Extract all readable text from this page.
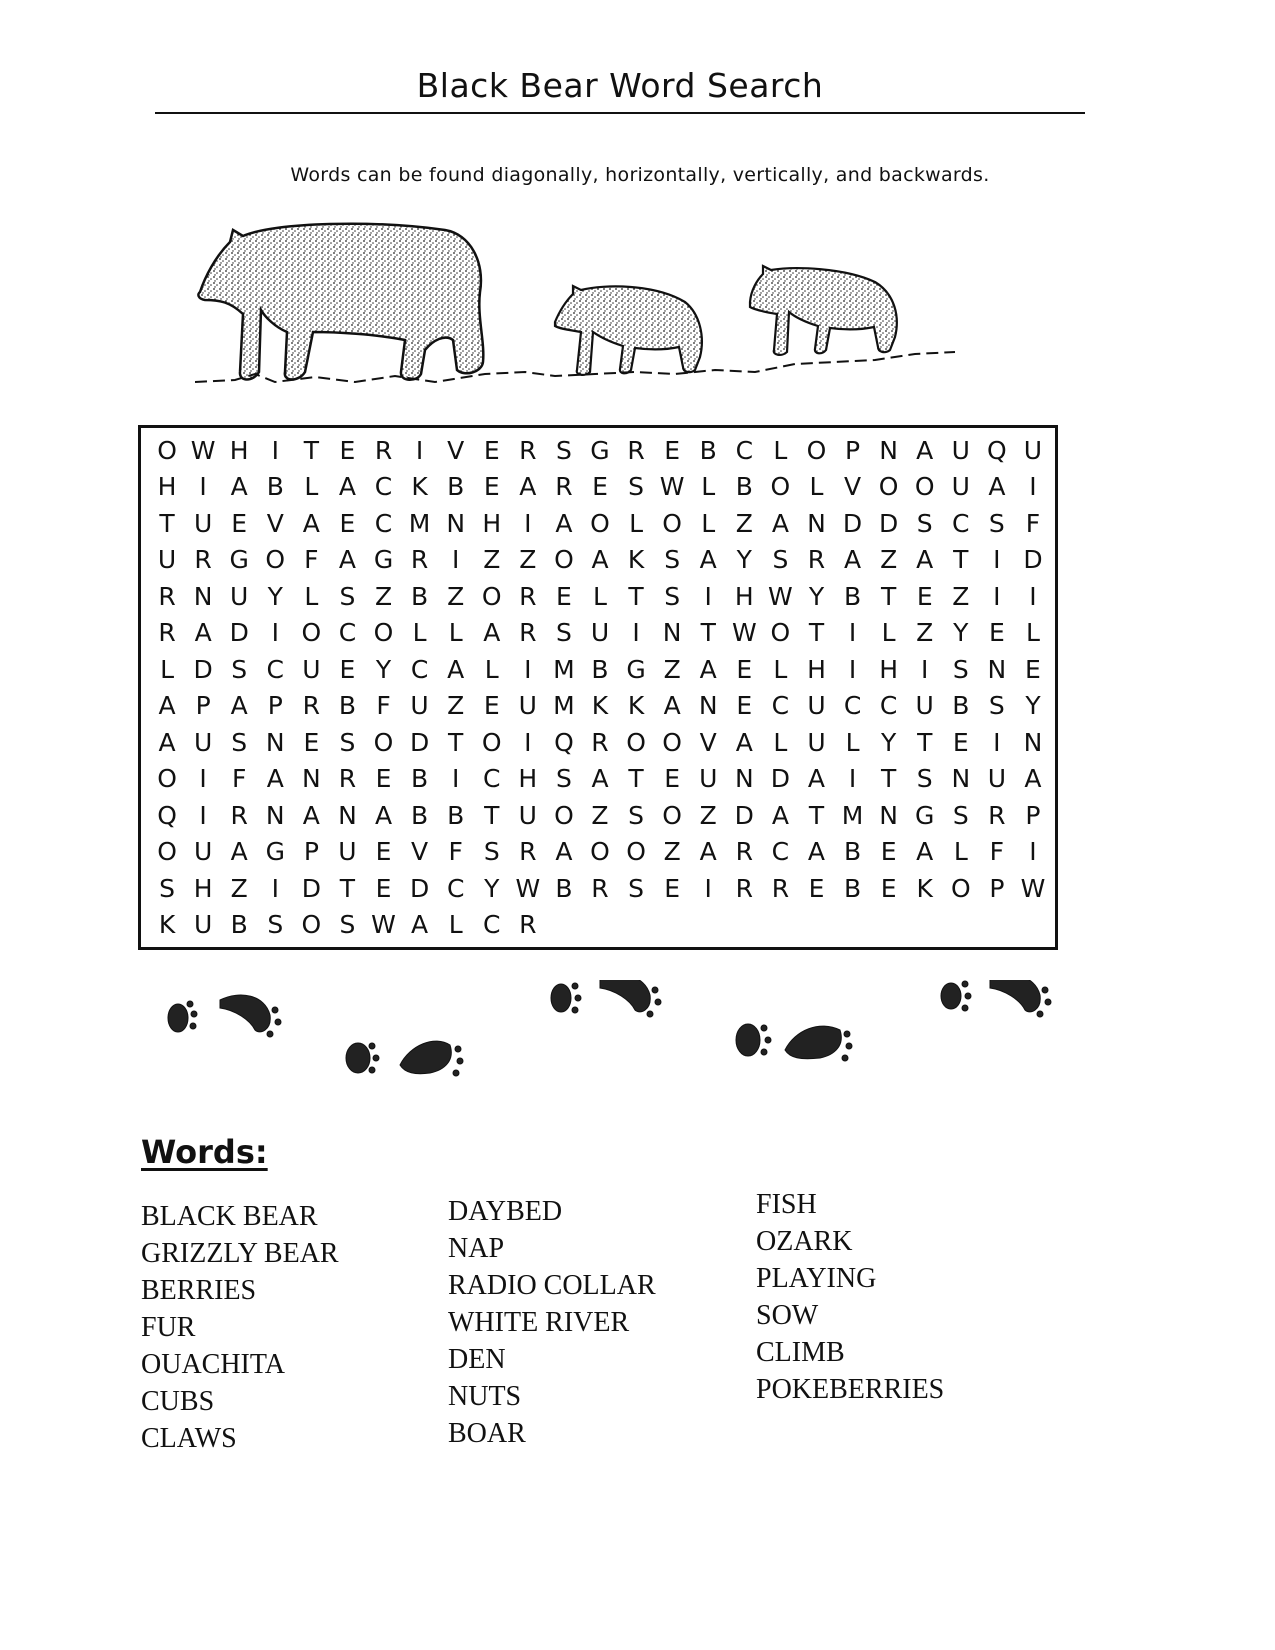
Black Bear Word Search
Words can be found diagonally, horizontally, vertically, and backwards.
O W H I T E R I V E R S G R E B C L O P N A U Q U
H I A B L A C K B E A R E S W L B O L V O O U A I
T U E V A E C M N H I A O L O L Z A N D D S C S F
U R G O F A G R I Z Z O A K S A Y S R A Z A T I D
R N U Y L S Z B Z O R E L T S I H W Y B T E Z I	I
R A D I O C O L L A R S U I N T W O T I	L Z Y E L
L D S C U E Y C A L	I M B G Z A E L H I H I S N E
A P A P R B F U Z E U M K K A N E C U C C U B S Y
A U S N E S O D T O I Q R O O V A L U L Y T E I N
O I	F A N R E B I C H S A T E U N D A I T S N U A
Q I R N A N A B B T U O Z S O Z D A T M N G S R P
O U A G P U E V F S R A O O Z A R C A B E A L F	I
S H Z I D T E D C Y W B R S E I R R E B E K O P W
K U B S O S W A L C R
Words:
BLACK BEAR
GRIZZLY BEAR
BERRIES
FUR
OUACHITA
CUBS
CLAWS
DAYBED
NAP
RADIO COLLAR
WHITE RIVER
DEN
NUTS
BOAR
FISH
OZARK
PLAYING
SOW
CLIMB
POKEBERRIES
